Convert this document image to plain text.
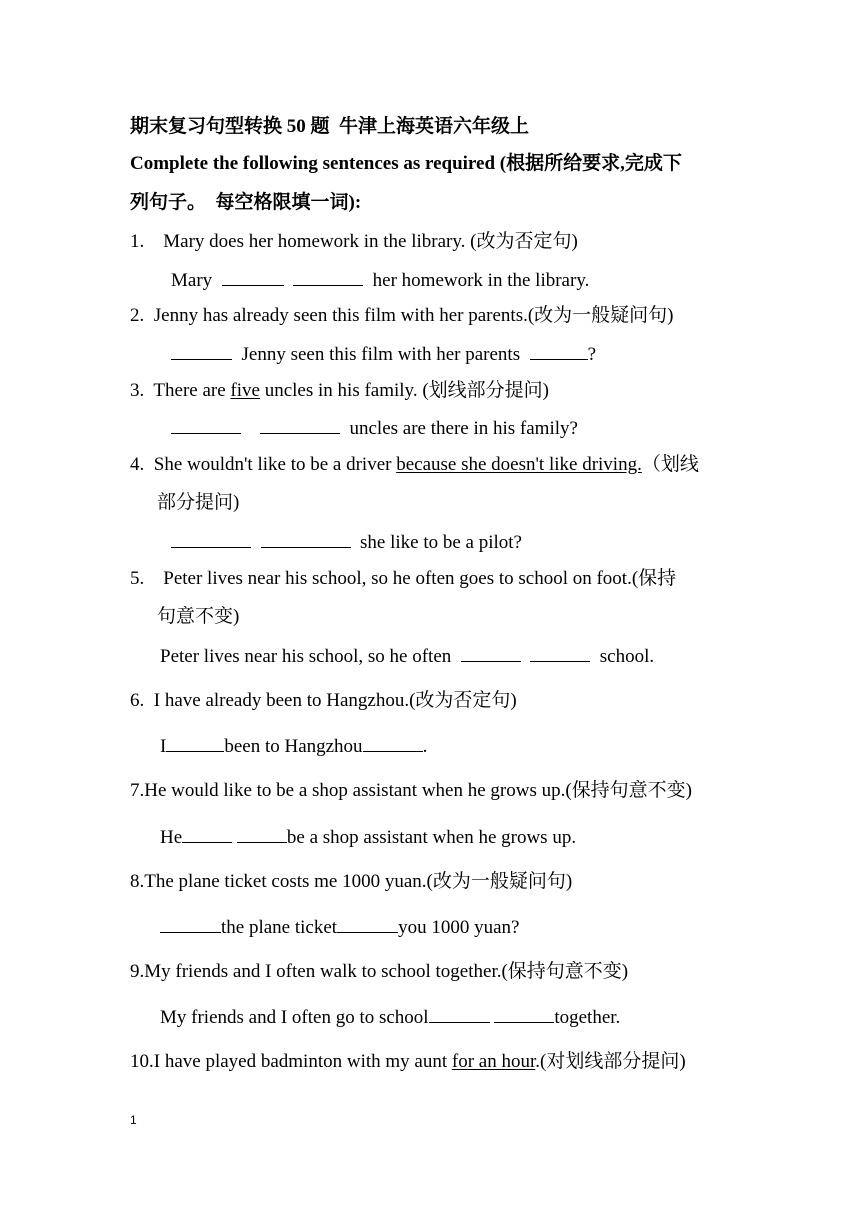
期末复习句型转换 50 题  牛津上海英语六年级上
Complete the following sentences as required (根据所给要求,完成下
列句子。  每空格限填一词):
1. Mary does her homework in the library. (改为否定句)
Mary	her homework in the library.
2. Jenny has already seen this film with her parents.(改为一般疑问句)
Jenny seen this film with her parents	?
3. There are five uncles in his family. (划线部分提问)
uncles are there in his family?
4. She wouldn't like to be a driver because she doesn't like driving.（划线
部分提问)
she like to be a pilot?
5. Peter lives near his school, so he often goes to school on foot.(保持
句意不变)
Peter lives near his school, so he often	school.
6. I have already been to Hangzhou.(改为否定句)
I	been to Hangzhou	.
7.He would like to be a shop assistant when he grows up.(保持句意不变)
He	be a shop assistant when he grows up.
8.The plane ticket costs me 1000 yuan.(改为一般疑问句)
the plane ticket	you 1000 yuan?
9.My friends and I often walk to school together.(保持句意不变)
My friends and I often go to school	together.
10.I have played badminton with my aunt for an hour.(对划线部分提问)
1
